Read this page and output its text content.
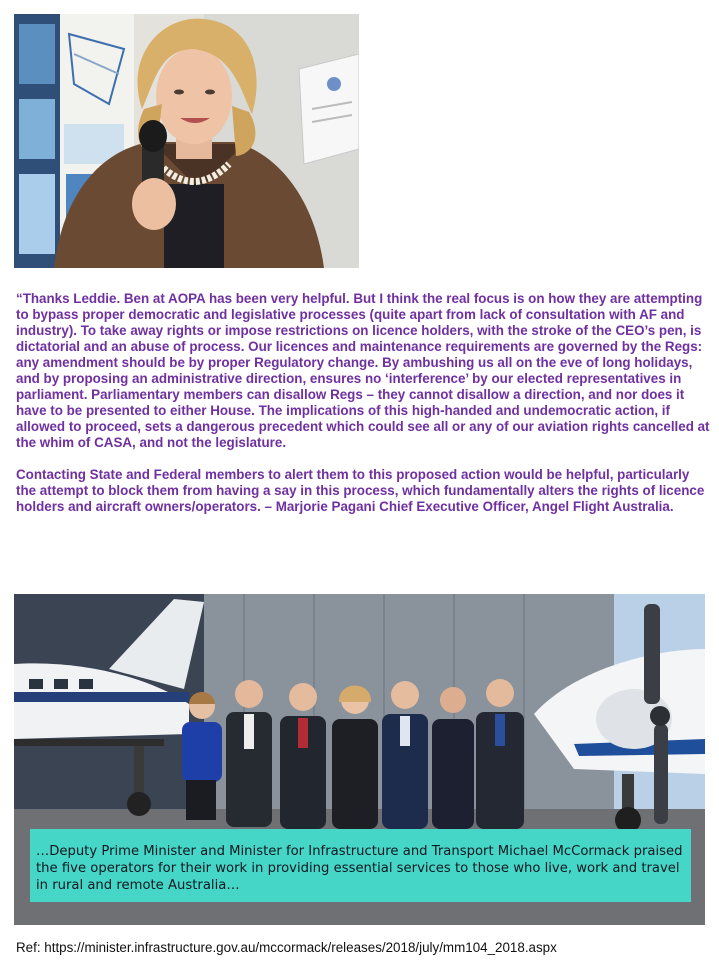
“Thanks Leddie. Ben at AOPA has been very helpful. But I think the real focus is on how they are attempting to bypass proper democratic and legislative processes (quite apart from lack of consultation with AF and industry). To take away rights or impose restrictions on licence holders, with the stroke of the CEO’s pen, is dictatorial and an abuse of process. Our licences and maintenance requirements are governed by the Regs: any amendment should be by proper Regulatory change. By ambushing us all on the eve of long holidays, and by proposing an administrative direction, ensures no ‘interference’ by our elected representatives in parliament. Parliamentary members can disallow Regs – they cannot disallow a direction, and nor does it have to be presented to either House. The implications of this high-handed and undemocratic action, if allowed to proceed, sets a dangerous precedent which could see all or any of our aviation rights cancelled at the whim of CASA, and not the legislature.

Contacting State and Federal members to alert them to this proposed action would be helpful, particularly the attempt to block them from having a say in this process, which fundamentally alters the rights of licence holders and aircraft owners/operators. – Marjorie Pagani Chief Executive Officer, Angel Flight Australia.

…Deputy Prime Minister and Minister for Infrastructure and Transport Michael McCormack praised the five operators for their work in providing essential services to those who live, work and travel in rural and remote Australia…
Ref: https://minister.infrastructure.gov.au/mccormack/releases/2018/july/mm104_2018.aspx
